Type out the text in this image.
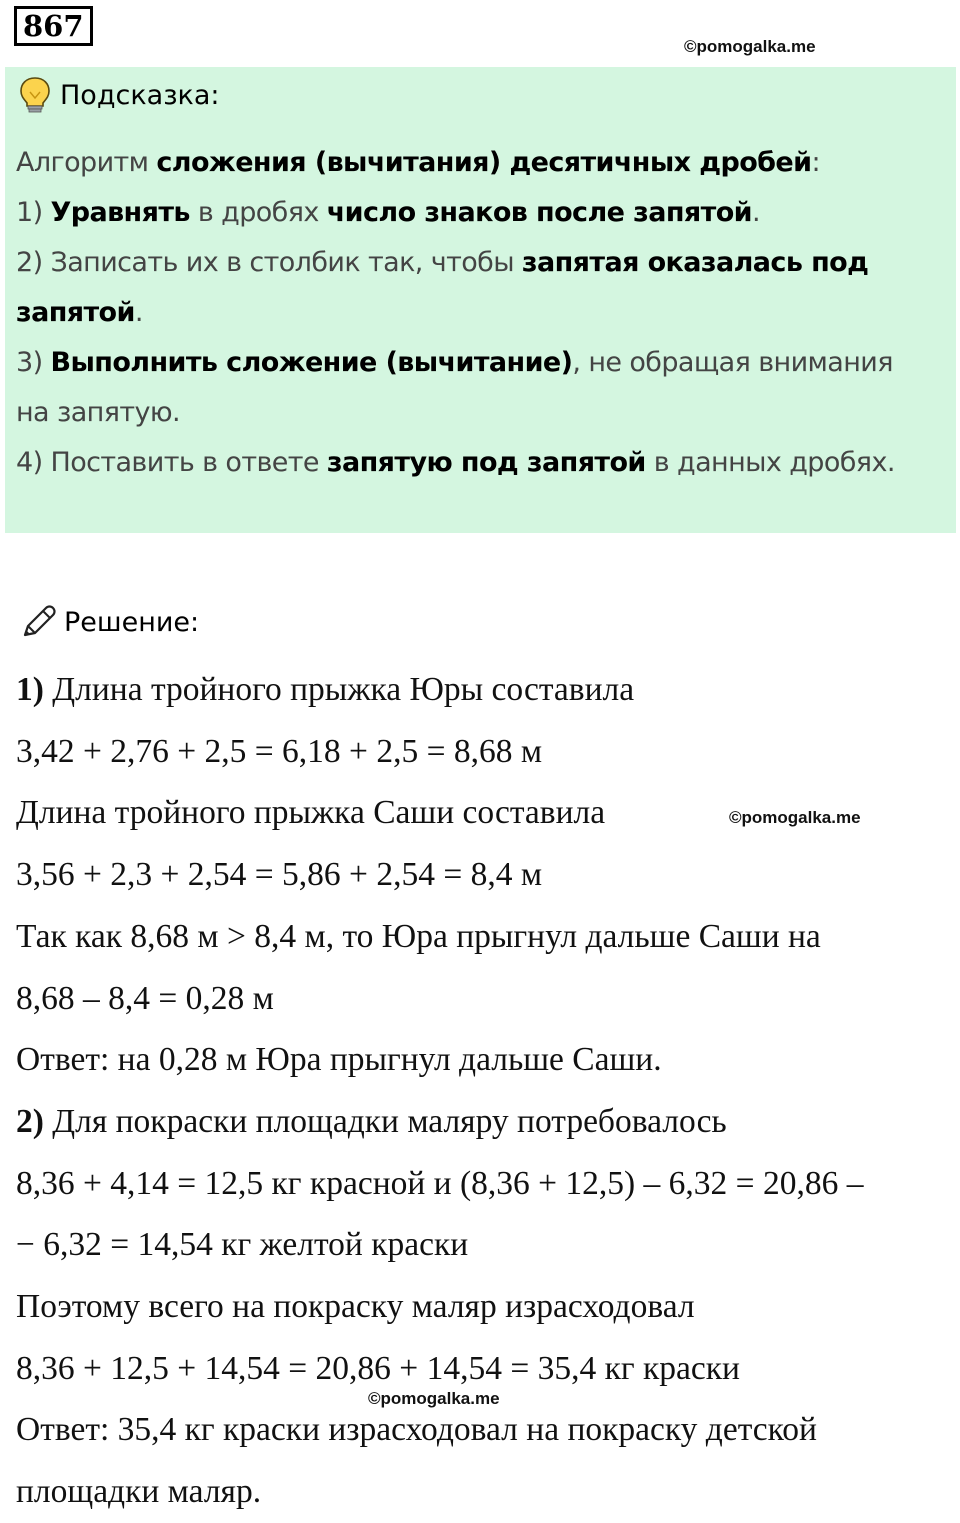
867
©pomogalka.me
Подсказка:
Алгоритм сложения (вычитания) десятичных дробей:
1) Уравнять в дробях число знаков после запятой.
2) Записать их в столбик так, чтобы запятая оказалась под
запятой.
3) Выполнить сложение (вычитание), не обращая внимания
на запятую.
4) Поставить в ответе запятую под запятой в данных дробях.
Решение:
1) Длина тройного прыжка Юры составила
3,42 + 2,76 + 2,5 = 6,18 + 2,5 = 8,68 м
Длина тройного прыжка Саши составила
3,56 + 2,3 + 2,54 = 5,86 + 2,54 = 8,4 м
Так как 8,68 м > 8,4 м, то Юра прыгнул дальше Саши на
8,68 – 8,4 = 0,28 м
Ответ: на 0,28 м Юра прыгнул дальше Саши.
2) Для покраски площадки маляру потребовалось
8,36 + 4,14 = 12,5 кг красной и (8,36 + 12,5) – 6,32 = 20,86 –
− 6,32 = 14,54 кг желтой краски
Поэтому всего на покраску маляр израсходовал
8,36 + 12,5 + 14,54 = 20,86 + 14,54 = 35,4 кг краски
Ответ: 35,4 кг краски израсходовал на покраску детской
площадки маляр.
©pomogalka.me
©pomogalka.me
